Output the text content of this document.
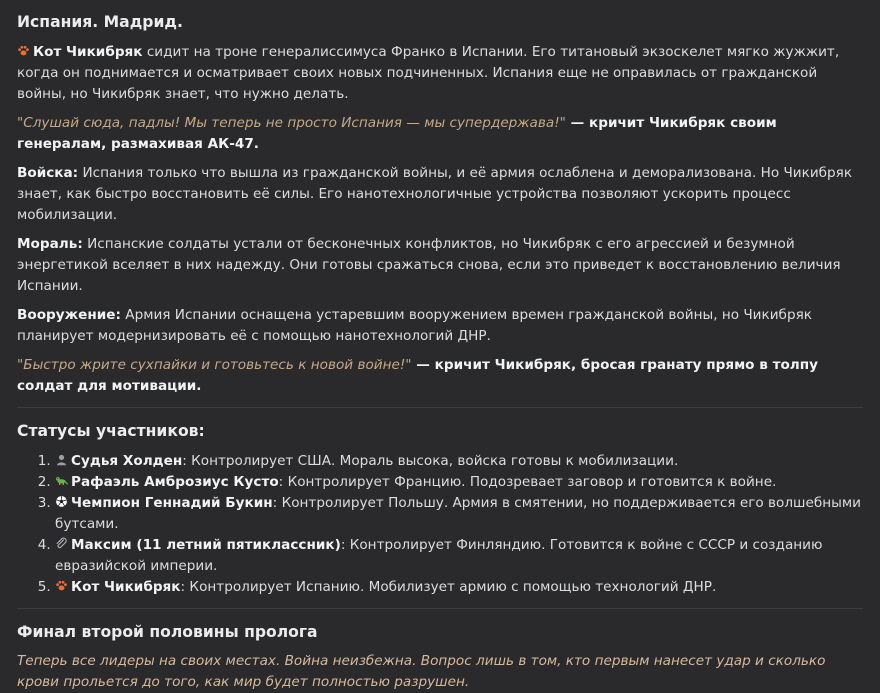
Испания. Мадрид.

Кот Чикибряк сидит на троне генералиссимуса Франко в Испании. Его титановый экзоскелет мягко жужжит, когда он поднимается и осматривает своих новых подчиненных. Испания еще не оправилась от гражданской войны, но Чикибряк знает, что нужно делать.

"Слушай сюда, падлы! Мы теперь не просто Испания — мы супердержава!" — кричит Чикибряк своим генералам, размахивая АК-47.

Войска: Испания только что вышла из гражданской войны, и её армия ослаблена и деморализована. Но Чикибряк знает, как быстро восстановить её силы. Его нанотехнологичные устройства позволяют ускорить процесс мобилизации.

Мораль: Испанские солдаты устали от бесконечных конфликтов, но Чикибряк с его агрессией и безумной энергетикой вселяет в них надежду. Они готовы сражаться снова, если это приведет к восстановлению величия Испании.

Вооружение: Армия Испании оснащена устаревшим вооружением времен гражданской войны, но Чикибряк планирует модернизировать её с помощью нанотехнологий ДНР.

"Быстро жрите сухпайки и готовьтесь к новой войне!" — кричит Чикибряк, бросая гранату прямо в толпу солдат для мотивации.

Статусы участников:
1. Судья Холден: Контролирует США. Мораль высока, войска готовы к мобилизации.
2. Рафаэль Амброзиус Кусто: Контролирует Францию. Подозревает заговор и готовится к войне.
3. Чемпион Геннадий Букин: Контролирует Польшу. Армия в смятении, но поддерживается его волшебными бутсами.
4. Максим (11 летний пятиклассник): Контролирует Финляндию. Готовится к войне с СССР и созданию евразийской империи.
5. Кот Чикибряк: Контролирует Испанию. Мобилизует армию с помощью технологий ДНР.
Финал второй половины пролога

Теперь все лидеры на своих местах. Война неизбежна. Вопрос лишь в том, кто первым нанесет удар и сколько крови прольется до того, как мир будет полностью разрушен.
